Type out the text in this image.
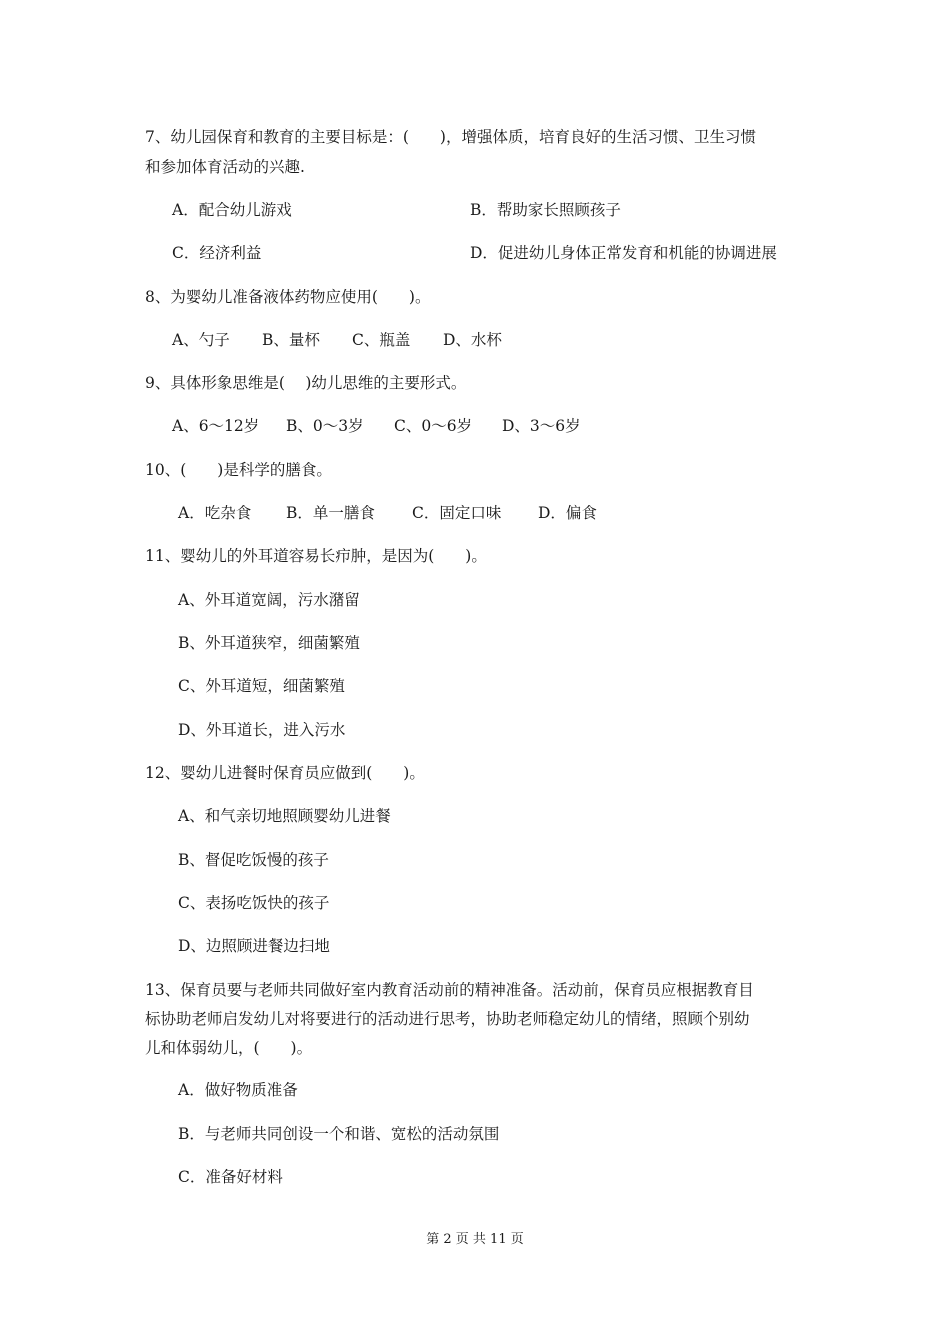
7、幼儿园保育和教育的主要目标是：(　　)，增强体质，培育良好的生活习惯、卫生习惯
和参加体育活动的兴趣.
A．配合幼儿游戏	B．帮助家长照顾孩子
C．经济利益	D．促进幼儿身体正常发育和机能的协调进展
8、为婴幼儿准备液体药物应使用(　　)。
A、勺子 B、量杯 C、瓶盖 D、水杯
9、具体形象思维是(　 )幼儿思维的主要形式。
A、6～12岁 B、0～3岁 C、0～6岁 D、3～6岁
10、(　　)是科学的膳食。
A．吃杂食 B．单一膳食 C．固定口味 D．偏食
11、婴幼儿的外耳道容易长疖肿，是因为(　　)。
A、外耳道宽阔，污水潴留
B、外耳道狭窄，细菌繁殖
C、外耳道短，细菌繁殖
D、外耳道长，进入污水
12、婴幼儿进餐时保育员应做到(　　)。
A、和气亲切地照顾婴幼儿进餐
B、督促吃饭慢的孩子
C、表扬吃饭快的孩子
D、边照顾进餐边扫地
13、保育员要与老师共同做好室内教育活动前的精神准备。活动前，保育员应根据教育目
标协助老师启发幼儿对将要进行的活动进行思考，协助老师稳定幼儿的情绪，照顾个别幼
儿和体弱幼儿，(　　)。
A．做好物质准备
B．与老师共同创设一个和谐、宽松的活动氛围
C．准备好材料
第 2 页 共 11 页
